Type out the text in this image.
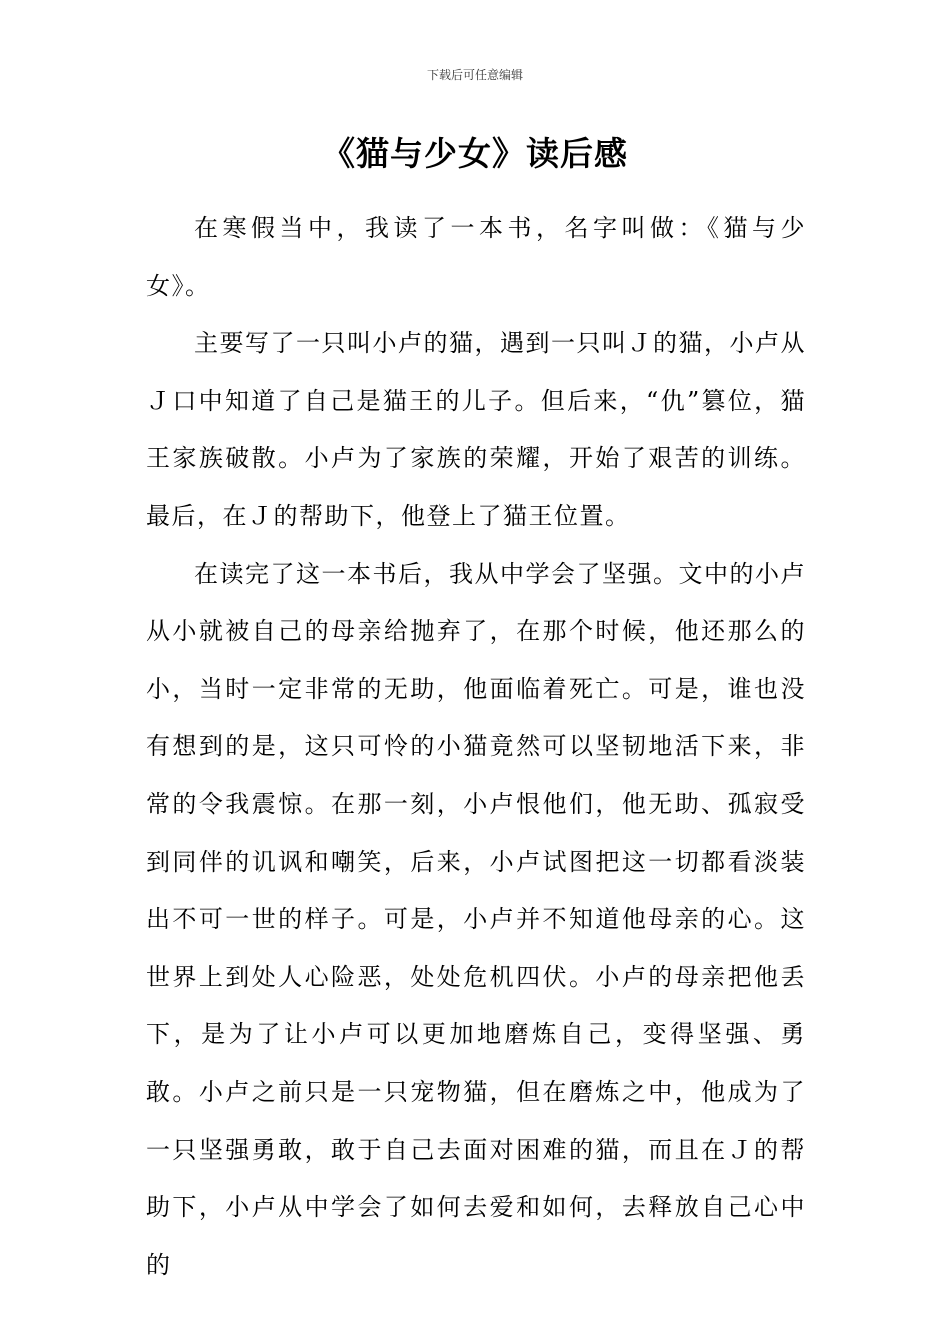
下载后可任意编辑
《猫与少女》读后感

在寒假当中，我读了一本书，名字叫做：《猫与少女》。

主要写了一只叫小卢的猫，遇到一只叫Ｊ的猫，小卢从Ｊ口中知道了自己是猫王的儿子。但后来，“仇”篡位，猫王家族破散。小卢为了家族的荣耀，开始了艰苦的训练。最后，在Ｊ的帮助下，他登上了猫王位置。

在读完了这一本书后，我从中学会了坚强。文中的小卢从小就被自己的母亲给抛弃了，在那个时候，他还那么的小，当时一定非常的无助，他面临着死亡。可是，谁也没有想到的是，这只可怜的小猫竟然可以坚韧地活下来，非常的令我震惊。在那一刻，小卢恨他们，他无助、孤寂受到同伴的讥讽和嘲笑，后来，小卢试图把这一切都看淡装出不可一世的样子。可是，小卢并不知道他母亲的心。这世界上到处人心险恶，处处危机四伏。小卢的母亲把他丢下，是为了让小卢可以更加地磨炼自己，变得坚强、勇敢。小卢之前只是一只宠物猫，但在磨炼之中，他成为了一只坚强勇敢，敢于自己去面对困难的猫，而且在Ｊ的帮助下，小卢从中学会了如何去爱和如何，去释放自己心中的
